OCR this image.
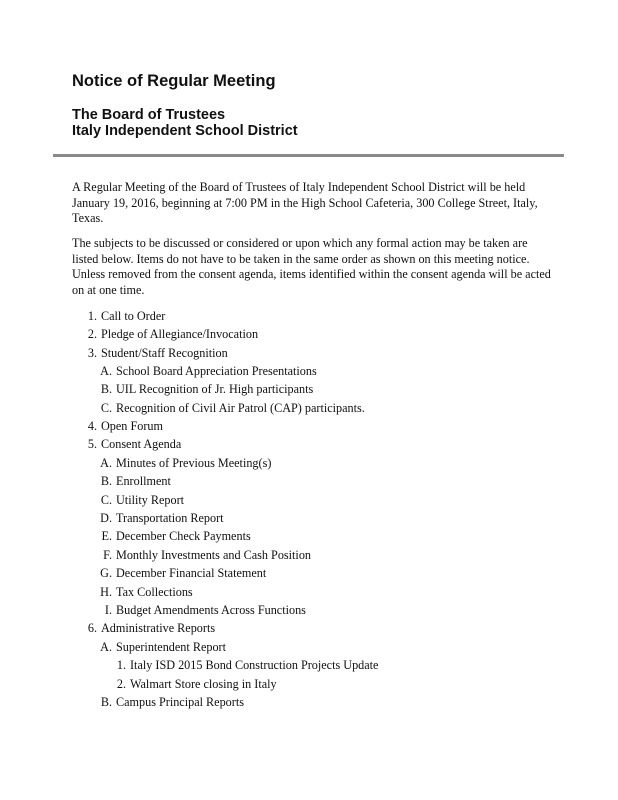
Notice of Regular Meeting
The Board of Trustees
Italy Independent School District
A Regular Meeting of the Board of Trustees of Italy Independent School District will be held January 19, 2016, beginning at 7:00 PM in the High School Cafeteria, 300 College Street, Italy, Texas.
The subjects to be discussed or considered or upon which any formal action may be taken are listed below. Items do not have to be taken in the same order as shown on this meeting notice. Unless removed from the consent agenda, items identified within the consent agenda will be acted on at one time.
1. Call to Order
2. Pledge of Allegiance/Invocation
3. Student/Staff Recognition
A. School Board Appreciation Presentations
B. UIL Recognition of Jr. High participants
C. Recognition of Civil Air Patrol (CAP) participants.
4. Open Forum
5. Consent Agenda
A. Minutes of Previous Meeting(s)
B. Enrollment
C. Utility Report
D. Transportation Report
E. December Check Payments
F. Monthly Investments and Cash Position
G. December Financial Statement
H. Tax Collections
I. Budget Amendments Across Functions
6. Administrative Reports
A. Superintendent Report
1. Italy ISD 2015 Bond Construction Projects Update
2. Walmart Store closing in Italy
B. Campus Principal Reports
